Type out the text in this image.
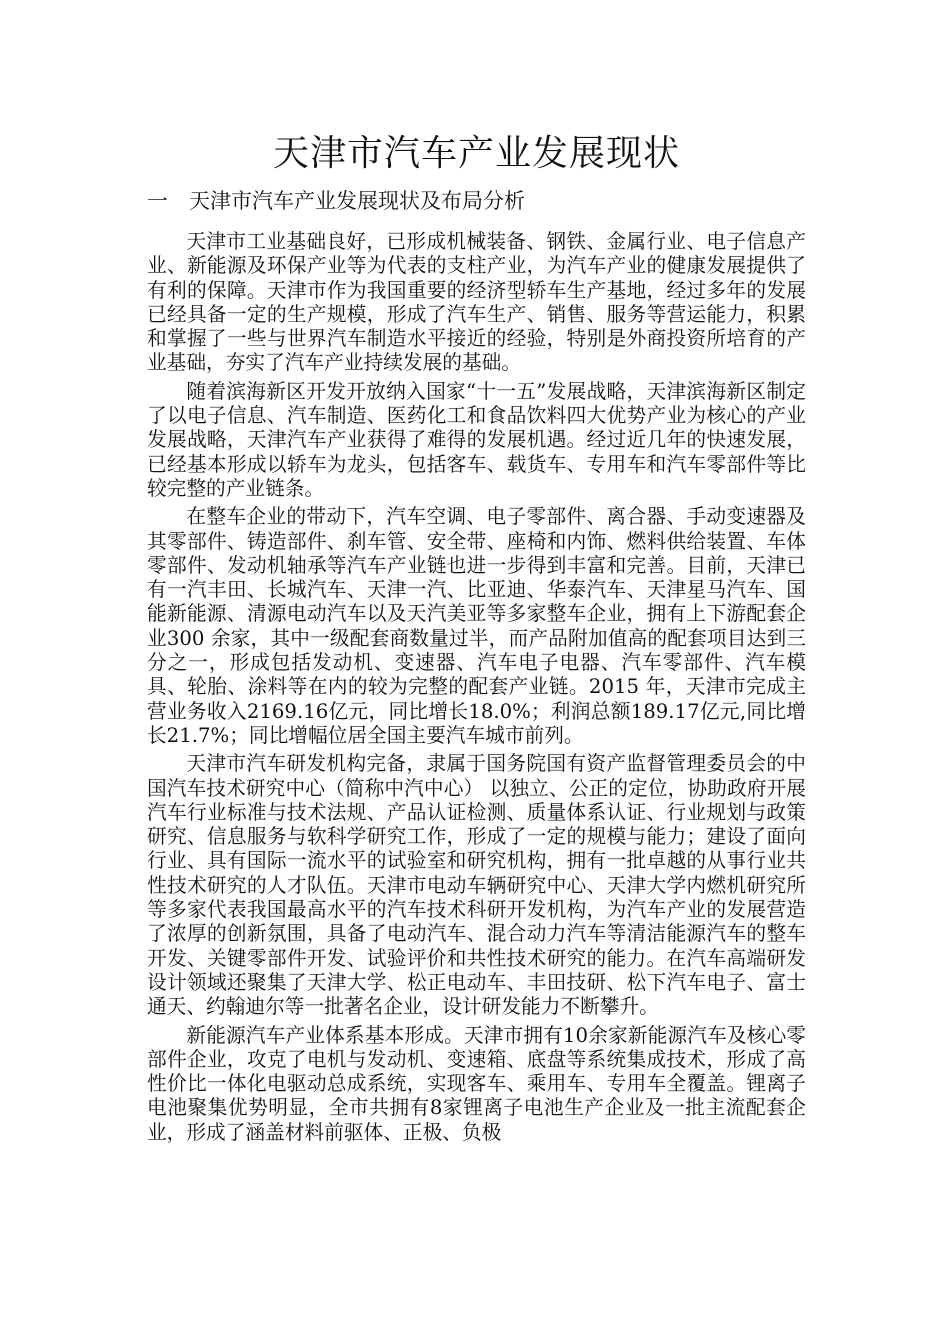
天津市汽车产业发展现状
一	天津市汽车产业发展现状及布局分析

天津市工业基础良好，已形成机械装备、钢铁、金属行业、电子信息产业、新能源及环保产业等为代表的支柱产业，为汽车产业的健康发展提供了有利的保障。天津市作为我国重要的经济型轿车生产基地，经过多年的发展已经具备一定的生产规模，形成了汽车生产、销售、服务等营运能力，积累和掌握了一些与世界汽车制造水平接近的经验，特别是外商投资所培育的产业基础，夯实了汽车产业持续发展的基础。

随着滨海新区开发开放纳入国家“十一五”发展战略，天津滨海新区制定了以电子信息、汽车制造、医药化工和食品饮料四大优势产业为核心的产业发展战略，天津汽车产业获得了难得的发展机遇。经过近几年的快速发展，已经基本形成以轿车为龙头，包括客车、载货车、专用车和汽车零部件等比较完整的产业链条。

在整车企业的带动下，汽车空调、电子零部件、离合器、手动变速器及其零部件、铸造部件、刹车管、安全带、座椅和内饰、燃料供给装置、车体零部件、发动机轴承等汽车产业链也进一步得到丰富和完善。目前，天津已有一汽丰田、长城汽车、天津一汽、比亚迪、华泰汽车、天津星马汽车、国能新能源、清源电动汽车以及天汽美亚等多家整车企业，拥有上下游配套企业300 余家，其中一级配套商数量过半，而产品附加值高的配套项目达到三分之一，形成包括发动机、变速器、汽车电子电器、汽车零部件、汽车模具、轮胎、涂料等在内的较为完整的配套产业链。2015 年，天津市完成主营业务收入2169.16亿元，同比增长18.0%；利润总额189.17亿元,同比增长21.7%；同比增幅位居全国主要汽车城市前列。

天津市汽车研发机构完备，隶属于国务院国有资产监督管理委员会的中国汽车技术研究中心（简称中汽中心） 以独立、公正的定位，协助政府开展汽车行业标准与技术法规、产品认证检测、质量体系认证、行业规划与政策研究、信息服务与软科学研究工作，形成了一定的规模与能力；建设了面向行业、具有国际一流水平的试验室和研究机构，拥有一批卓越的从事行业共性技术研究的人才队伍。天津市电动车辆研究中心、天津大学内燃机研究所等多家代表我国最高水平的汽车技术科研开发机构，为汽车产业的发展营造了浓厚的创新氛围，具备了电动汽车、混合动力汽车等清洁能源汽车的整车开发、关键零部件开发、试验评价和共性技术研究的能力。在汽车高端研发设计领域还聚集了天津大学、松正电动车、丰田技研、松下汽车电子、富士通天、约翰迪尔等一批著名企业，设计研发能力不断攀升。

新能源汽车产业体系基本形成。天津市拥有10余家新能源汽车及核心零部件企业，攻克了电机与发动机、变速箱、底盘等系统集成技术，形成了高性价比一体化电驱动总成系统，实现客车、乘用车、专用车全覆盖。锂离子电池聚集优势明显，全市共拥有8家锂离子电池生产企业及一批主流配套企业，形成了涵盖材料前驱体、正极、负极
